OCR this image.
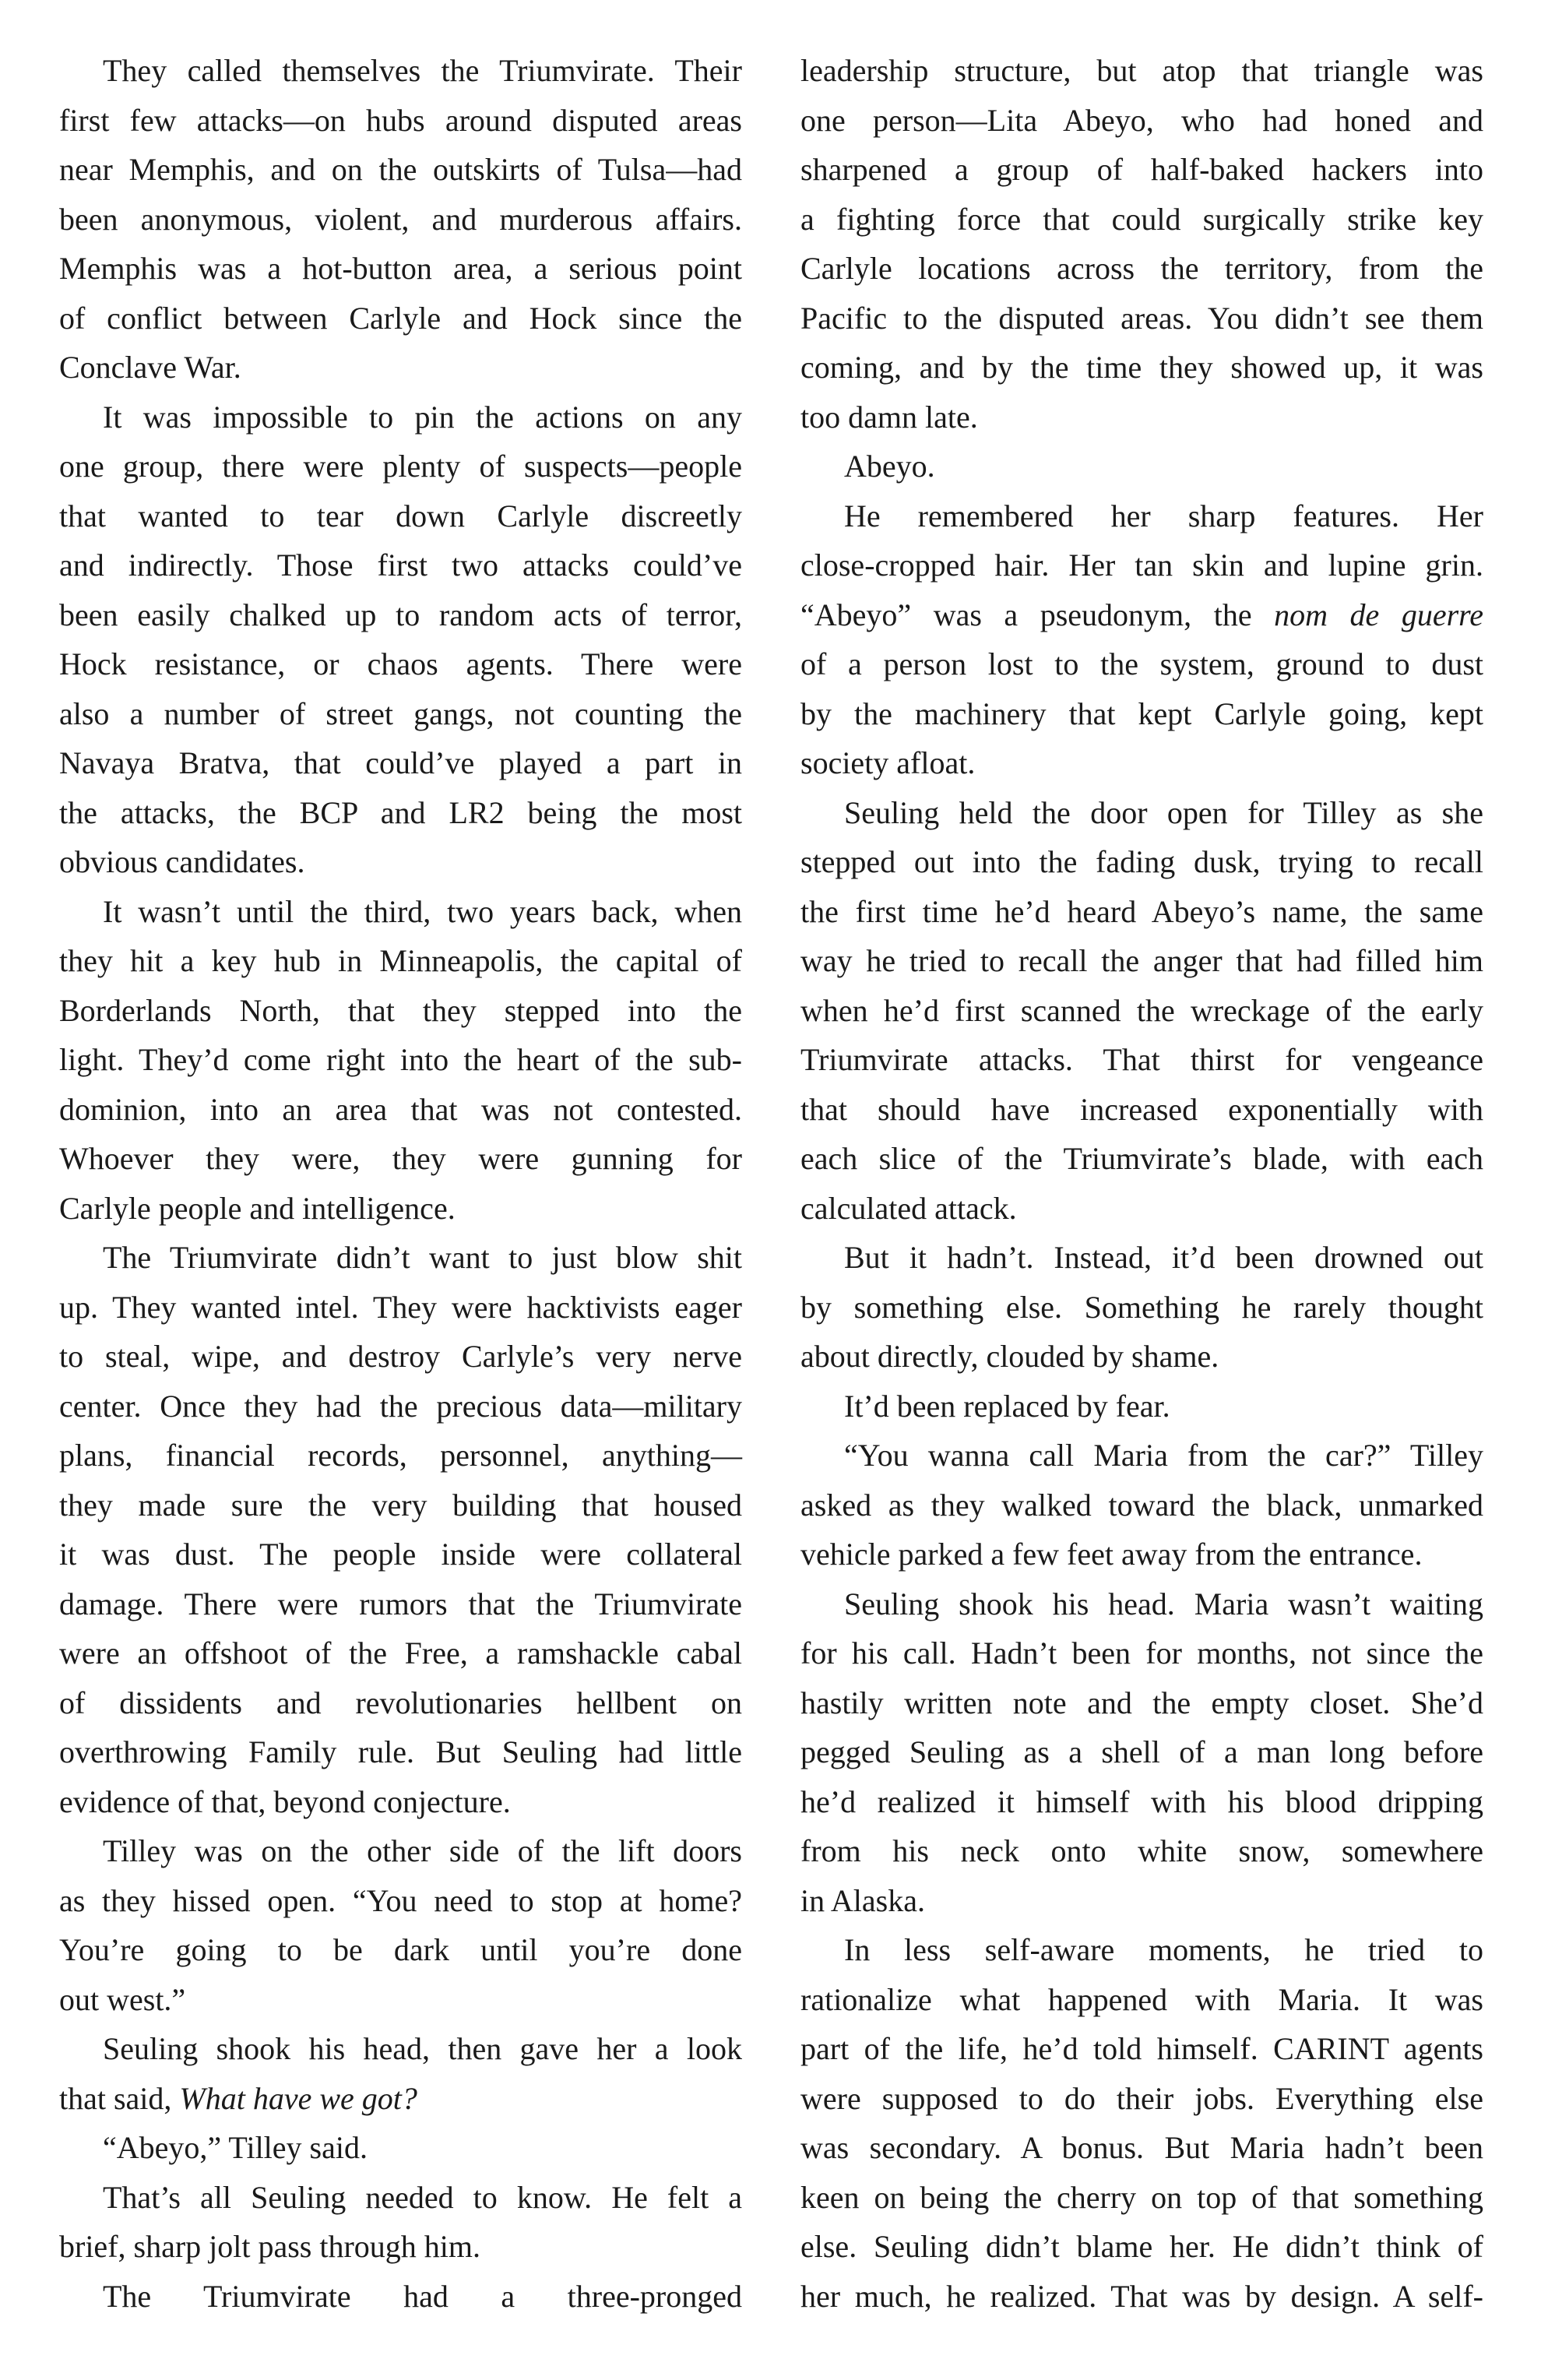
They called themselves the Triumvirate. Their
first few attacks—on hubs around disputed areas
near Memphis, and on the outskirts of Tulsa—had
been anonymous, violent, and murderous affairs.
Memphis was a hot-button area, a serious point
of conflict between Carlyle and Hock since the
Conclave War.
It was impossible to pin the actions on any
one group, there were plenty of suspects—people
that wanted to tear down Carlyle discreetly
and indirectly. Those first two attacks could’ve
been easily chalked up to random acts of terror,
Hock resistance, or chaos agents. There were
also a number of street gangs, not counting the
Navaya Bratva, that could’ve played a part in
the attacks, the BCP and LR2 being the most
obvious candidates.
It wasn’t until the third, two years back, when
they hit a key hub in Minneapolis, the capital of
Borderlands North, that they stepped into the
light. They’d come right into the heart of the sub-
dominion, into an area that was not contested.
Whoever they were, they were gunning for
Carlyle people and intelligence.
The Triumvirate didn’t want to just blow shit
up. They wanted intel. They were hacktivists eager
to steal, wipe, and destroy Carlyle’s very nerve
center. Once they had the precious data—military
plans, financial records, personnel, anything—
they made sure the very building that housed
it was dust. The people inside were collateral
damage. There were rumors that the Triumvirate
were an offshoot of the Free, a ramshackle cabal
of dissidents and revolutionaries hellbent on
overthrowing Family rule. But Seuling had little
evidence of that, beyond conjecture.
Tilley was on the other side of the lift doors
as they hissed open. “You need to stop at home?
You’re going to be dark until you’re done
out west.”
Seuling shook his head, then gave her a look
that said, What have we got?
“Abeyo,” Tilley said.
That’s all Seuling needed to know. He felt a
brief, sharp jolt pass through him.
The Triumvirate had a three-pronged
leadership structure, but atop that triangle was
one person—Lita Abeyo, who had honed and
sharpened a group of half-baked hackers into
a fighting force that could surgically strike key
Carlyle locations across the territory, from the
Pacific to the disputed areas. You didn’t see them
coming, and by the time they showed up, it was
too damn late.
Abeyo.
He remembered her sharp features. Her
close-cropped hair. Her tan skin and lupine grin.
“Abeyo” was a pseudonym, the nom de guerre
of a person lost to the system, ground to dust
by the machinery that kept Carlyle going, kept
society afloat.
Seuling held the door open for Tilley as she
stepped out into the fading dusk, trying to recall
the first time he’d heard Abeyo’s name, the same
way he tried to recall the anger that had filled him
when he’d first scanned the wreckage of the early
Triumvirate attacks. That thirst for vengeance
that should have increased exponentially with
each slice of the Triumvirate’s blade, with each
calculated attack.
But it hadn’t. Instead, it’d been drowned out
by something else. Something he rarely thought
about directly, clouded by shame.
It’d been replaced by fear.
“You wanna call Maria from the car?” Tilley
asked as they walked toward the black, unmarked
vehicle parked a few feet away from the entrance.
Seuling shook his head. Maria wasn’t waiting
for his call. Hadn’t been for months, not since the
hastily written note and the empty closet. She’d
pegged Seuling as a shell of a man long before
he’d realized it himself with his blood dripping
from his neck onto white snow, somewhere
in Alaska.
In less self-aware moments, he tried to
rationalize what happened with Maria. It was
part of the life, he’d told himself. CARINT agents
were supposed to do their jobs. Everything else
was secondary. A bonus. But Maria hadn’t been
keen on being the cherry on top of that something
else. Seuling didn’t blame her. He didn’t think of
her much, he realized. That was by design. A self-
